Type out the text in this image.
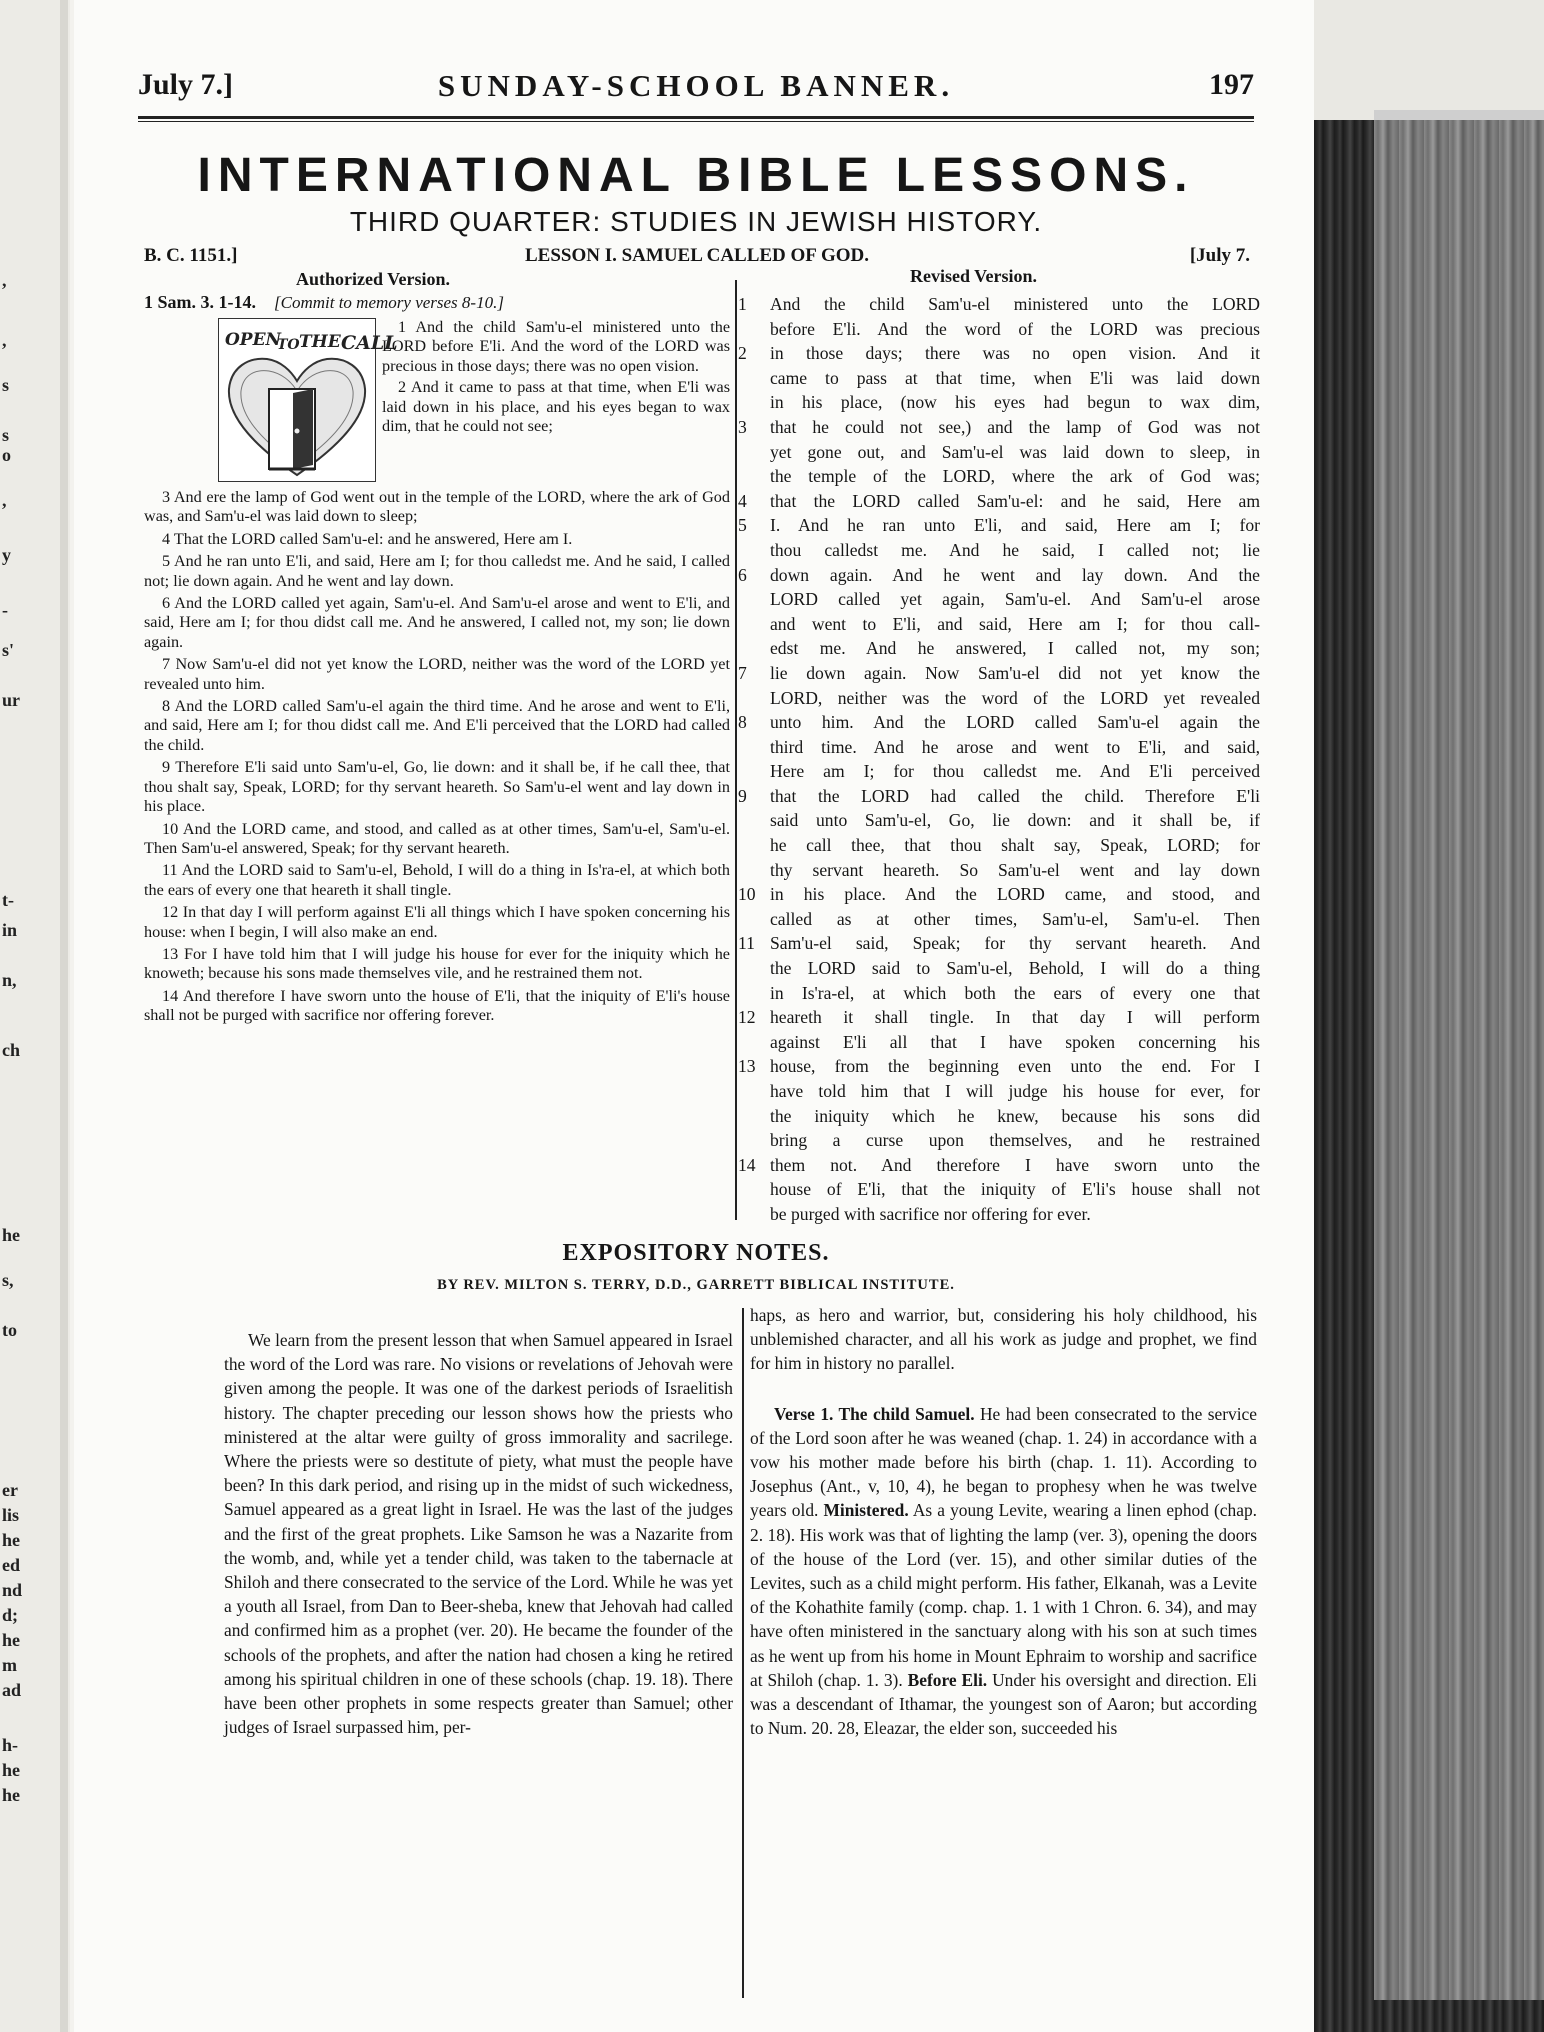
,
,
s
s
o
,
y
-
s'
ur
t-
in
n,
ch
he
s,
to
er
lis
he
ed
nd
d;
he
m
ad
h-
he
he
SUNDAY-SCHOOL BANNER.
July 7.]	197
INTERNATIONAL BIBLE LESSONS.
THIRD QUARTER: STUDIES IN JEWISH HISTORY.
LESSON I. SAMUEL CALLED OF GOD.
B. C. 1151.]	[July 7.
Authorized Version.	Revised Version.
1 Sam. 3. 1-14. [Commit to memory verses 8-10.]
OPEN
TO THE CALL

1 And the child Sam'u-el ministered unto the LORD before E'li. And the word of the LORD was precious in those days; there was no open vision.

2 And it came to pass at that time, when E'li was laid down in his place, and his eyes began to wax dim, that he could not see;

3 And ere the lamp of God went out in the temple of the LORD, where the ark of God was, and Sam'u-el was laid down to sleep;

4 That the LORD called Sam'u-el: and he answered, Here am I.

5 And he ran unto E'li, and said, Here am I; for thou calledst me. And he said, I called not; lie down again. And he went and lay down.

6 And the LORD called yet again, Sam'u-el. And Sam'u-el arose and went to E'li, and said, Here am I; for thou didst call me. And he answered, I called not, my son; lie down again.

7 Now Sam'u-el did not yet know the LORD, neither was the word of the LORD yet revealed unto him.

8 And the LORD called Sam'u-el again the third time. And he arose and went to E'li, and said, Here am I; for thou didst call me. And E'li perceived that the LORD had called the child.

9 Therefore E'li said unto Sam'u-el, Go, lie down: and it shall be, if he call thee, that thou shalt say, Speak, LORD; for thy servant heareth. So Sam'u-el went and lay down in his place.

10 And the LORD came, and stood, and called as at other times, Sam'u-el, Sam'u-el. Then Sam'u-el answered, Speak; for thy servant heareth.

11 And the LORD said to Sam'u-el, Behold, I will do a thing in Is'ra-el, at which both the ears of every one that heareth it shall tingle.

12 In that day I will perform against E'li all things which I have spoken concerning his house: when I begin, I will also make an end.

13 For I have told him that I will judge his house for ever for the iniquity which he knoweth; because his sons made themselves vile, and he restrained them not.

14 And therefore I have sworn unto the house of E'li, that the iniquity of E'li's house shall not be purged with sacrifice nor offering forever.

1	And the child Sam'u-el ministered unto the LORD
before E'li. And the word of the LORD was precious
2	in those days; there was no open vision. And it
came to pass at that time, when E'li was laid down
in his place, (now his eyes had begun to wax dim,
3	that he could not see,) and the lamp of God was not
yet gone out, and Sam'u-el was laid down to sleep, in
the temple of the LORD, where the ark of God was;
4	that the LORD called Sam'u-el: and he said, Here am
5	I. And he ran unto E'li, and said, Here am I; for
thou calledst me. And he said, I called not; lie
6	down again. And he went and lay down. And the
LORD called yet again, Sam'u-el. And Sam'u-el arose
and went to E'li, and said, Here am I; for thou call-
edst me. And he answered, I called not, my son;
7	lie down again. Now Sam'u-el did not yet know the
LORD, neither was the word of the LORD yet revealed
8	unto him. And the LORD called Sam'u-el again the
third time. And he arose and went to E'li, and said,
Here am I; for thou calledst me. And E'li perceived
9	that the LORD had called the child. Therefore E'li
said unto Sam'u-el, Go, lie down: and it shall be, if
he call thee, that thou shalt say, Speak, LORD; for
thy servant heareth. So Sam'u-el went and lay down
10 in his place. And the LORD came, and stood, and
called as at other times, Sam'u-el, Sam'u-el. Then
11 Sam'u-el said, Speak; for thy servant heareth. And
the LORD said to Sam'u-el, Behold, I will do a thing
in Is'ra-el, at which both the ears of every one that
12 heareth it shall tingle. In that day I will perform
against E'li all that I have spoken concerning his
13 house, from the beginning even unto the end. For I
have told him that I will judge his house for ever, for
the iniquity which he knew, because his sons did
bring a curse upon themselves, and he restrained
14 them not. And therefore I have sworn unto the
house of E'li, that the iniquity of E'li's house shall not
be purged with sacrifice nor offering for ever.
EXPOSITORY NOTES.
BY REV. MILTON S. TERRY, D.D., GARRETT BIBLICAL INSTITUTE.

We learn from the present lesson that when Samuel appeared in Israel the word of the Lord was rare. No visions or revelations of Jehovah were given among the people. It was one of the darkest periods of Israelitish history. The chapter preceding our lesson shows how the priests who ministered at the altar were guilty of gross immorality and sacrilege. Where the priests were so destitute of piety, what must the people have been? In this dark period, and rising up in the midst of such wickedness, Samuel appeared as a great light in Israel. He was the last of the judges and the first of the great prophets. Like Samson he was a Nazarite from the womb, and, while yet a tender child, was taken to the tabernacle at Shiloh and there consecrated to the service of the Lord. While he was yet a youth all Israel, from Dan to Beer-sheba, knew that Jehovah had called and confirmed him as a prophet (ver. 20). He became the founder of the schools of the prophets, and after the nation had chosen a king he retired among his spiritual children in one of these schools (chap. 19. 18). There have been other prophets in some respects greater than Samuel; other judges of Israel surpassed him, per-

haps, as hero and warrior, but, considering his holy childhood, his unblemished character, and all his work as judge and prophet, we find for him in history no parallel.

Verse 1. The child Samuel. He had been consecrated to the service of the Lord soon after he was weaned (chap. 1. 24) in accordance with a vow his mother made before his birth (chap. 1. 11). According to Josephus (Ant., v, 10, 4), he began to prophesy when he was twelve years old. Ministered. As a young Levite, wearing a linen ephod (chap. 2. 18). His work was that of lighting the lamp (ver. 3), opening the doors of the house of the Lord (ver. 15), and other similar duties of the Levites, such as a child might perform. His father, Elkanah, was a Levite of the Kohathite family (comp. chap. 1. 1 with 1 Chron. 6. 34), and may have often ministered in the sanctuary along with his son at such times as he went up from his home in Mount Ephraim to worship and sacrifice at Shiloh (chap. 1. 3). Before Eli. Under his oversight and direction. Eli was a descendant of Ithamar, the youngest son of Aaron; but according to Num. 20. 28, Eleazar, the elder son, succeeded his
